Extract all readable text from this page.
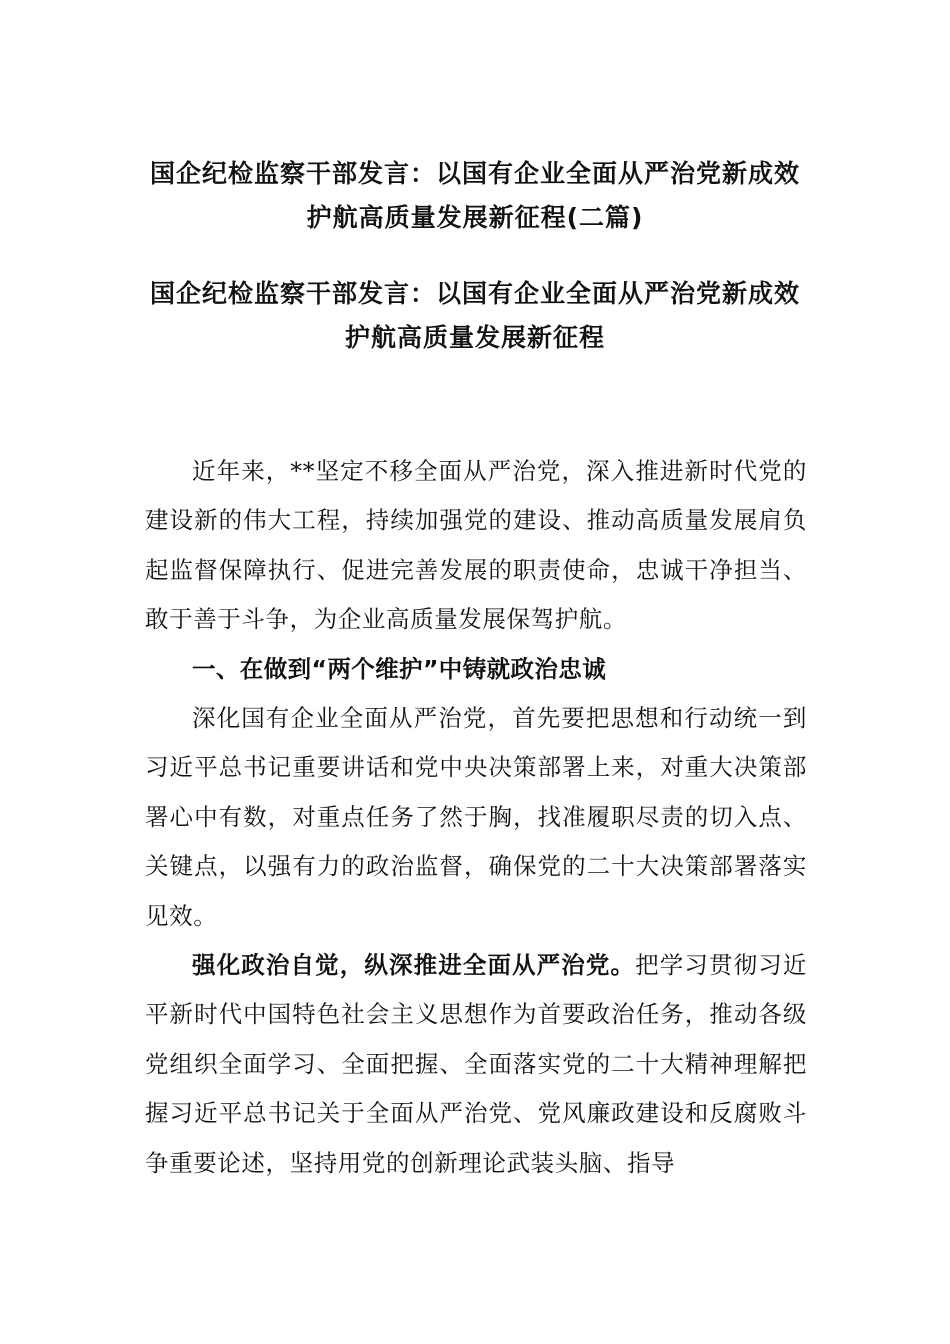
国企纪检监察干部发言：以国有企业全面从严治党新成效护航高质量发展新征程(二篇)
国企纪检监察干部发言：以国有企业全面从严治党新成效护航高质量发展新征程

近年来，**坚定不移全面从严治党，深入推进新时代党的建设新的伟大工程，持续加强党的建设、推动高质量发展肩负起监督保障执行、促进完善发展的职责使命，忠诚干净担当、敢于善于斗争，为企业高质量发展保驾护航。

一、在做到“两个维护”中铸就政治忠诚

深化国有企业全面从严治党，首先要把思想和行动统一到习近平总书记重要讲话和党中央决策部署上来，对重大决策部署心中有数，对重点任务了然于胸，找准履职尽责的切入点、关键点，以强有力的政治监督，确保党的二十大决策部署落实见效。

强化政治自觉，纵深推进全面从严治党。把学习贯彻习近平新时代中国特色社会主义思想作为首要政治任务，推动各级党组织全面学习、全面把握、全面落实党的二十大精神理解把握习近平总书记关于全面从严治党、党风廉政建设和反腐败斗争重要论述，坚持用党的创新理论武装头脑、指导
